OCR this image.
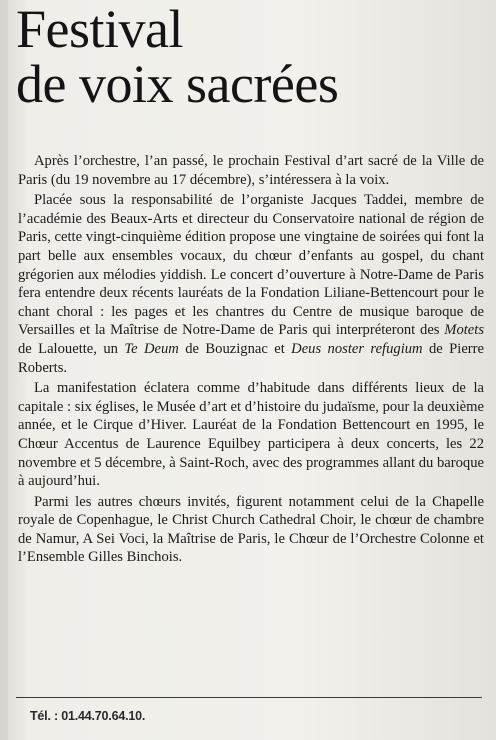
Festival
de voix sacrées

Après l’orchestre, l’an passé, le prochain Festival d’art sacré de la Ville de Paris (du 19 novembre au 17 décembre), s’intéressera à la voix.

Placée sous la responsabilité de l’organiste Jacques Taddei, membre de l’académie des Beaux-Arts et directeur du Conservatoire national de région de Paris, cette vingt-cinquième édition propose une vingtaine de soirées qui font la part belle aux ensembles vocaux, du chœur d’enfants au gospel, du chant grégorien aux mélodies yiddish. Le concert d’ouverture à Notre-Dame de Paris fera entendre deux récents lauréats de la Fondation Liliane-Bettencourt pour le chant choral : les pages et les chantres du Centre de musique baroque de Versailles et la Maîtrise de Notre-Dame de Paris qui interpréteront des Motets de Lalouette, un Te Deum de Bouzignac et Deus noster refugium de Pierre Roberts.

La manifestation éclatera comme d’habitude dans différents lieux de la capitale : six églises, le Musée d’art et d’histoire du judaïsme, pour la deuxième année, et le Cirque d’Hiver. Lauréat de la Fondation Bettencourt en 1995, le Chœur Accentus de Laurence Equilbey participera à deux concerts, les 22 novembre et 5 décembre, à Saint-Roch, avec des programmes allant du baroque à aujourd’hui.

Parmi les autres chœurs invités, figurent notamment celui de la Chapelle royale de Copenhague, le Christ Church Cathedral Choir, le chœur de chambre de Namur, A Sei Voci, la Maîtrise de Paris, le Chœur de l’Orchestre Colonne et l’Ensemble Gilles Binchois.

Tél. : 01.44.70.64.10.
